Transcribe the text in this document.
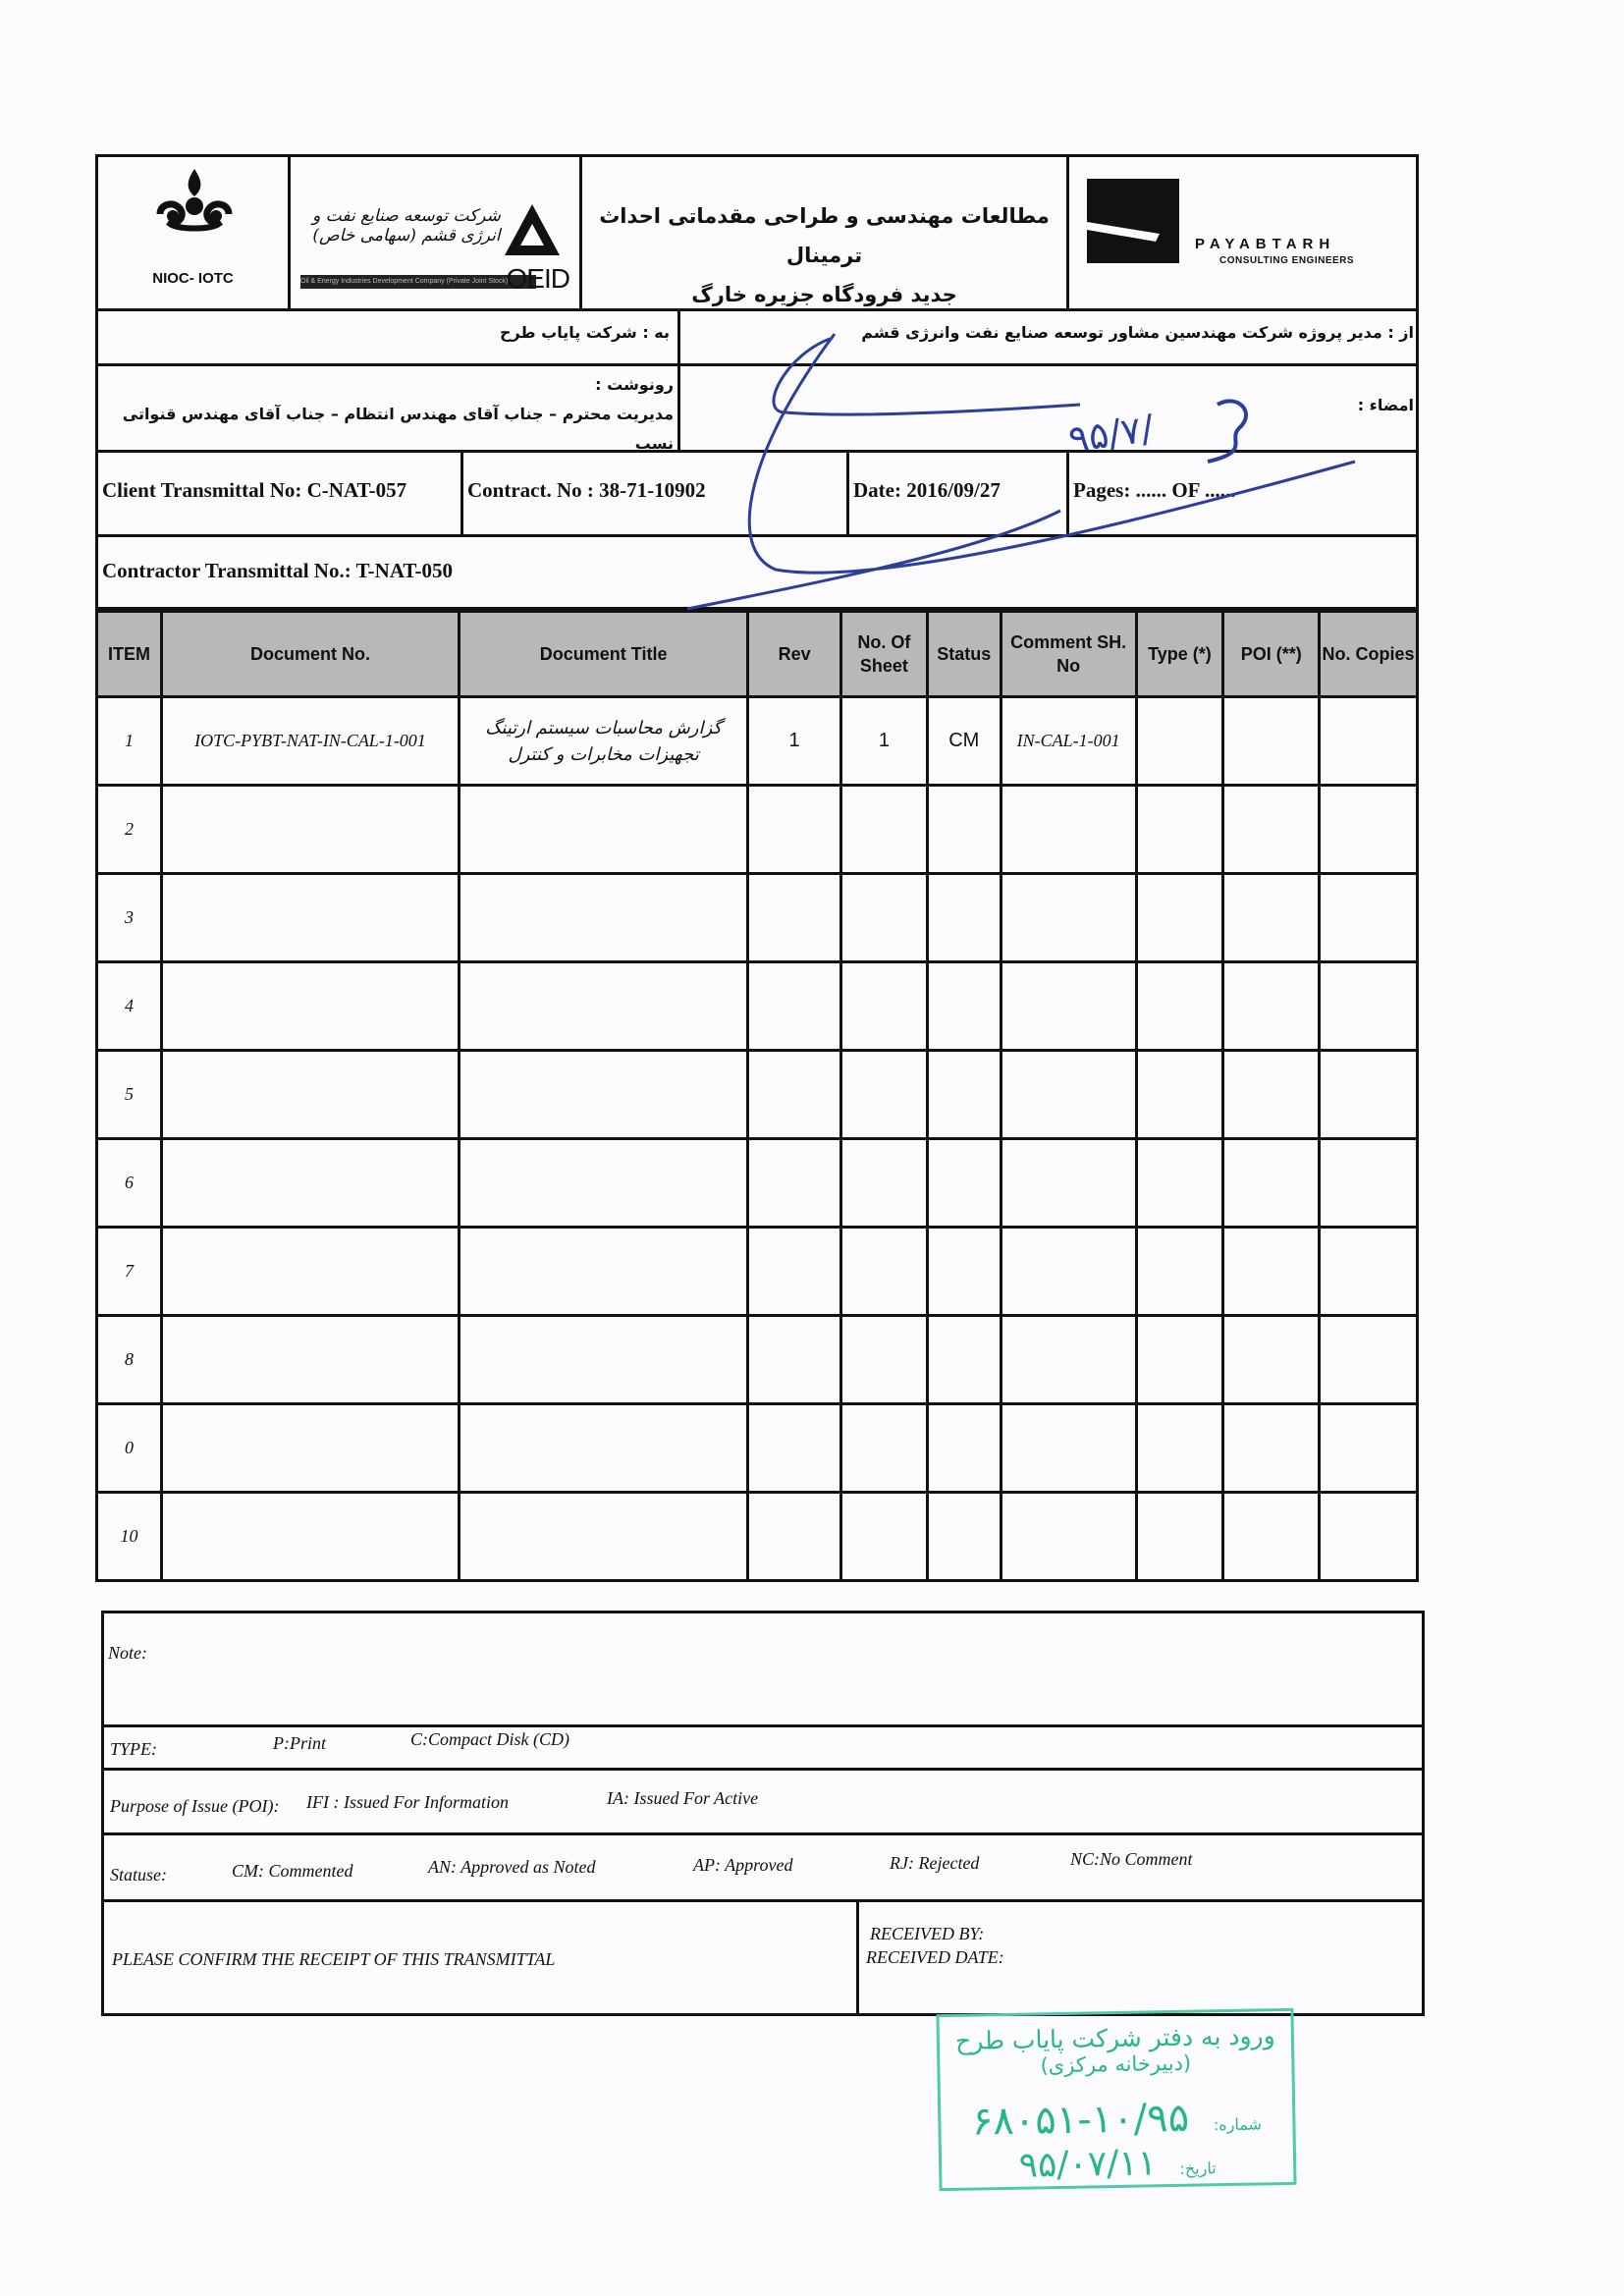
NIOC- IOTC
شرکت توسعه صنایع نفت و انرژی قشم (سهامی خاص)
Oil & Energy Industries Development Company (Private Joint Stock)
OEID
مطالعات مهندسی و طراحی مقدماتی احداث ترمینال
جدید فرودگاه جزیره خارگ
PAYABTARH
CONSULTING ENGINEERS
به : شرکت پایاب طرح	از : مدیر پروژه شرکت مهندسین مشاور توسعه صنایع نفت وانرژی قشم
رونوشت :
مدیریت محترم – جناب آقای مهندس انتظام – جناب آقای مهندس قنواتی نسب
امضاء :
Client Transmittal No: C-NAT-057	Contract. No : 38-71-10902	Date: 2016/09/27	Pages: ...... OF ......
Contractor Transmittal No.: T-NAT-050
ITEM	Document No.	Document Title	Rev	No. Of Sheet	Status	Comment SH. No	Type (*)	POI (**)	No. Copies
1	IOTC-PYBT-NAT-IN-CAL-1-001	گزارش محاسبات سیستم ارتینگ تجهیزات مخابرات و کنترل	1	1	CM	IN-CAL-1-001			
2									
3									
4									
5									
6									
7									
8									
0									
10									
Note:
TYPE:	P:Print	C:Compact Disk (CD)
Purpose of Issue (POI): IFI : Issued For Information	IA: Issued For Active
Statuse:	CM: Commented	AN: Approved as Noted	AP: Approved	RJ: Rejected	NC:No Comment
PLEASE CONFIRM THE RECEIPT OF THIS TRANSMITTAL
RECEIVED BY:
RECEIVED DATE:
ورود به دفتر شرکت پایاب طرح
(دبیرخانه مرکزی)
شماره: ۱۰/۹۵-۶۸۰۵۱
تاریخ: ۹۵/۰۷/۱۱
۹۵/۷/
